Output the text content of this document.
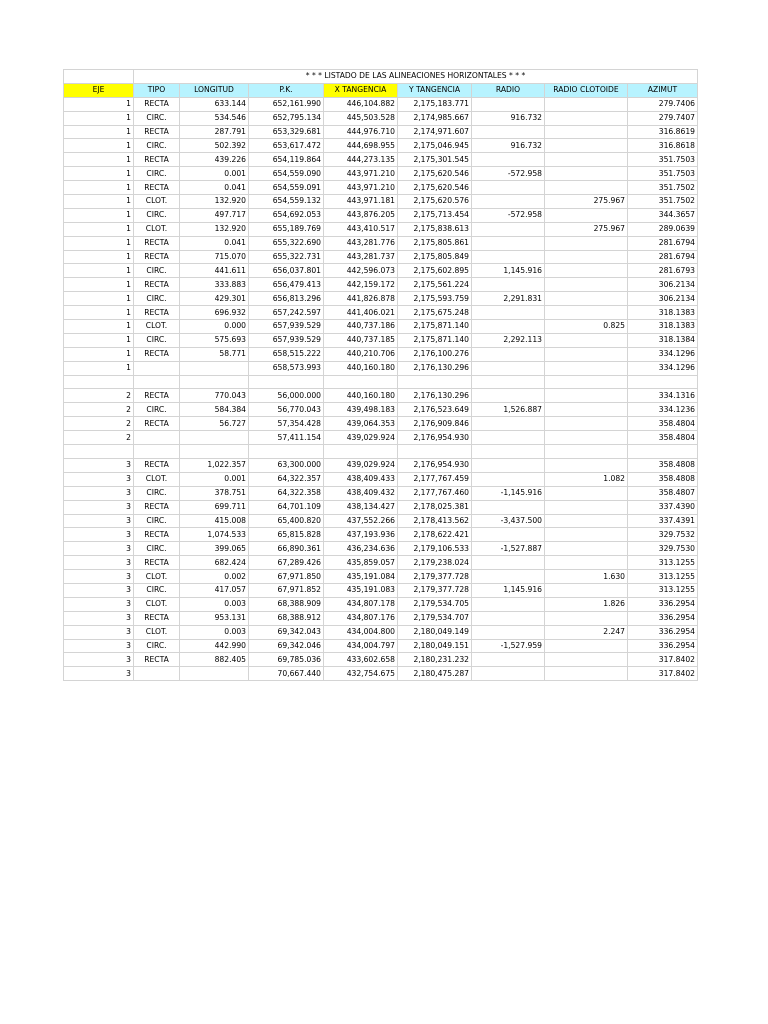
	* * * LISTADO DE LAS ALINEACIONES HORIZONTALES * * *							
EJE	TIPO	LONGITUD	P.K.	X TANGENCIA	Y TANGENCIA	RADIO	RADIO CLOTOIDE	AZIMUT
1	RECTA	633.144	652,161.990	446,104.882	2,175,183.771			279.7406
1	CIRC.	534.546	652,795.134	445,503.528	2,174,985.667	916.732		279.7407
1	RECTA	287.791	653,329.681	444,976.710	2,174,971.607			316.8619
1	CIRC.	502.392	653,617.472	444,698.955	2,175,046.945	916.732		316.8618
1	RECTA	439.226	654,119.864	444,273.135	2,175,301.545			351.7503
1	CIRC.	0.001	654,559.090	443,971.210	2,175,620.546	-572.958		351.7503
1	RECTA	0.041	654,559.091	443,971.210	2,175,620.546			351.7502
1	CLOT.	132.920	654,559.132	443,971.181	2,175,620.576		275.967	351.7502
1	CIRC.	497.717	654,692.053	443,876.205	2,175,713.454	-572.958		344.3657
1	CLOT.	132.920	655,189.769	443,410.517	2,175,838.613		275.967	289.0639
1	RECTA	0.041	655,322.690	443,281.776	2,175,805.861			281.6794
1	RECTA	715.070	655,322.731	443,281.737	2,175,805.849			281.6794
1	CIRC.	441.611	656,037.801	442,596.073	2,175,602.895	1,145.916		281.6793
1	RECTA	333.883	656,479.413	442,159.172	2,175,561.224			306.2134
1	CIRC.	429.301	656,813.296	441,826.878	2,175,593.759	2,291.831		306.2134
1	RECTA	696.932	657,242.597	441,406.021	2,175,675.248			318.1383
1	CLOT.	0.000	657,939.529	440,737.186	2,175,871.140		0.825	318.1383
1	CIRC.	575.693	657,939.529	440,737.185	2,175,871.140	2,292.113		318.1384
1	RECTA	58.771	658,515.222	440,210.706	2,176,100.276			334.1296
1			658,573.993	440,160.180	2,176,130.296			334.1296

2	RECTA	770.043	56,000.000	440,160.180	2,176,130.296			334.1316
2	CIRC.	584.384	56,770.043	439,498.183	2,176,523.649	1,526.887		334.1236
2	RECTA	56.727	57,354.428	439,064.353	2,176,909.846			358.4804
2			57,411.154	439,029.924	2,176,954.930			358.4804

3	RECTA	1,022.357	63,300.000	439,029.924	2,176,954.930			358.4808
3	CLOT.	0.001	64,322.357	438,409.433	2,177,767.459		1.082	358.4808
3	CIRC.	378.751	64,322.358	438,409.432	2,177,767.460	-1,145.916		358.4807
3	RECTA	699.711	64,701.109	438,134.427	2,178,025.381			337.4390
3	CIRC.	415.008	65,400.820	437,552.266	2,178,413.562	-3,437.500		337.4391
3	RECTA	1,074.533	65,815.828	437,193.936	2,178,622.421			329.7532
3	CIRC.	399.065	66,890.361	436,234.636	2,179,106.533	-1,527.887		329.7530
3	RECTA	682.424	67,289.426	435,859.057	2,179,238.024			313.1255
3	CLOT.	0.002	67,971.850	435,191.084	2,179,377.728		1.630	313.1255
3	CIRC.	417.057	67,971.852	435,191.083	2,179,377.728	1,145.916		313.1255
3	CLOT.	0.003	68,388.909	434,807.178	2,179,534.705		1.826	336.2954
3	RECTA	953.131	68,388.912	434,807.176	2,179,534.707			336.2954
3	CLOT.	0.003	69,342.043	434,004.800	2,180,049.149		2.247	336.2954
3	CIRC.	442.990	69,342.046	434,004.797	2,180,049.151	-1,527.959		336.2954
3	RECTA	882.405	69,785.036	433,602.658	2,180,231.232			317.8402
3			70,667.440	432,754.675	2,180,475.287			317.8402
